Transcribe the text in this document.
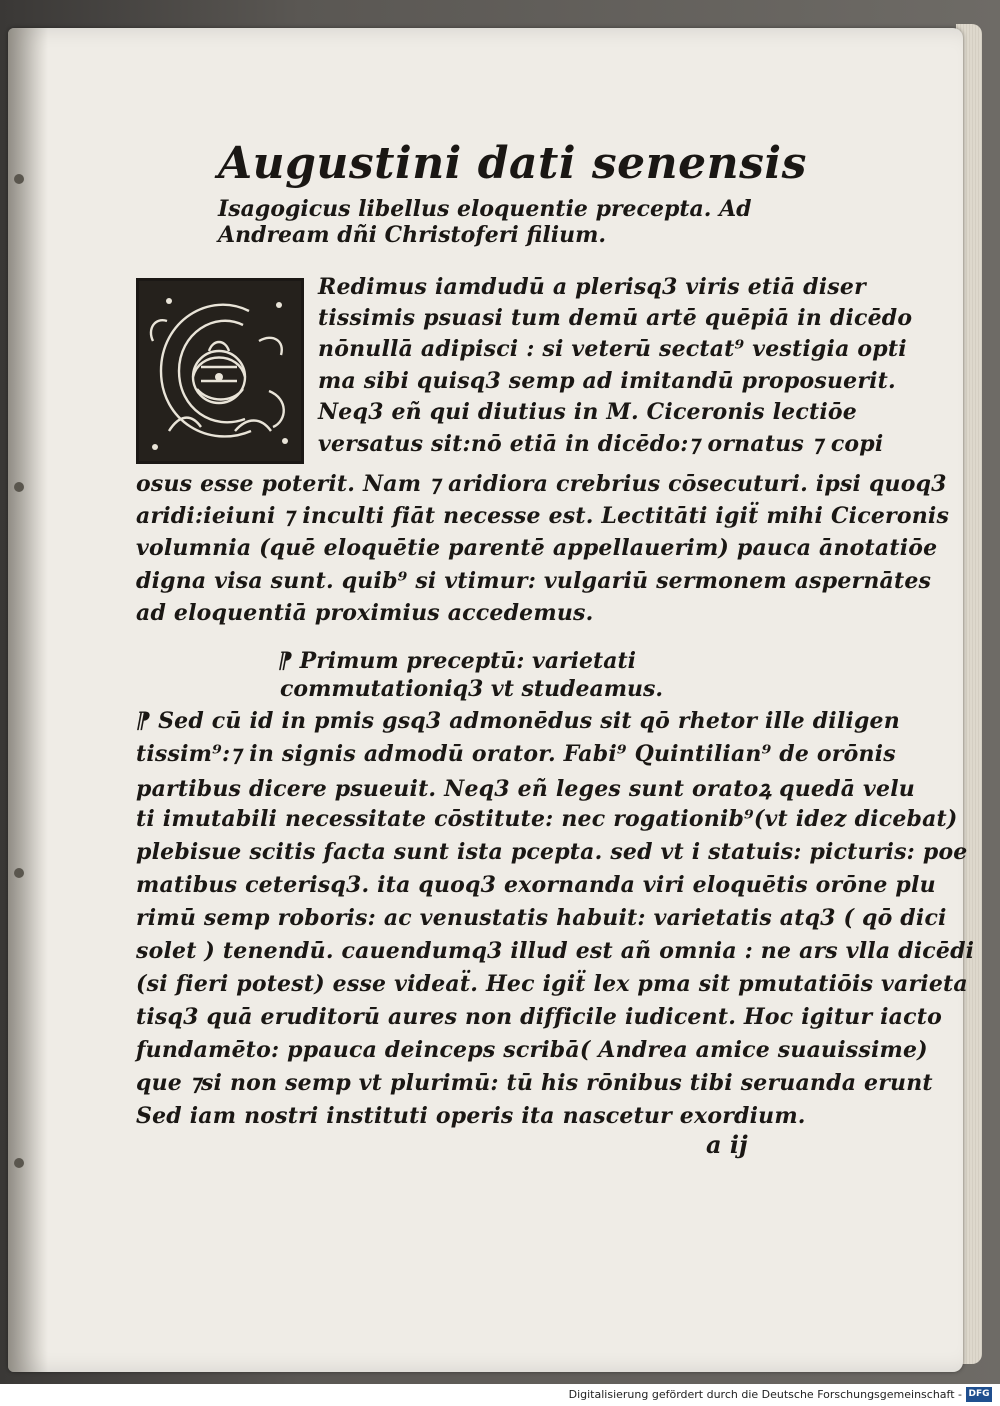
Augustini dati senensis
Isagogicus libellus eloquentie precepta. Ad
Andream dñi Christoferi filium.
Redimus iamdudū a plerisq3 viris etiā diser
tissimis psuasi tum demū artē quēpiā in dicēdo
nōnullā adipisci : si veterū sectat⁹ vestigia opti
ma sibi quisq3 semp ad imitandū proposuerit.
Neq3 eñ qui diutius in M. Ciceronis lectiōe
versatus sit:nō etiā in dicēdo:⁊ ornatus ⁊ copi
osus esse poterit. Nam ⁊ aridiora crebrius cōsecuturi. ipsi quoq3
aridi:ieiuni ⁊ inculti fiāt necesse est. Lectitāti igiẗ mihi Ciceronis
volumnia (quē eloquētie parentē appellauerim) pauca ānotatiōe
digna visa sunt. quib⁹ si vtimur: vulgariū sermonem aspernātes
ad eloquentiā proximius accedemus.
⁋ Primum preceptū: varietati
commutationiq3 vt studeamus.
⁋ Sed cū id in pmis gsq3 admonēdus sit qō rhetor ille diligen
tissim⁹:⁊ in signis admodū orator. Fabi⁹ Quintilian⁹ de orōnis
partibus dicere psueuit. Neq3 eñ leges sunt oratoꝝ quedā velu
ti imutabili necessitate cōstitute: nec rogationib⁹(vt idez dicebat)
plebisue scitis facta sunt ista pcepta. sed vt i statuis: picturis: poe
matibus ceterisq3. ita quoq3 exornanda viri eloquētis orōne plu
rimū semp roboris: ac venustatis habuit: varietatis atq3 ( qō dici
solet ) tenendū. cauendumq3 illud est añ omnia : ne ars vlla dicēdi
(si fieri potest) esse videaẗ. Hec igiẗ lex pma sit pmutatiōis varieta
tisq3 quā eruditorū aures non difficile iudicent. Hoc igitur iacto
fundamēto: ppauca deinceps scribā( Andrea amice suauissime)
que ⁊si non semp vt plurimū: tū his rōnibus tibi seruanda erunt
Sed iam nostri instituti operis ita nascetur exordium.
a ij
Digitalisierung gefördert durch die Deutsche Forschungsgemeinschaft - DFG
